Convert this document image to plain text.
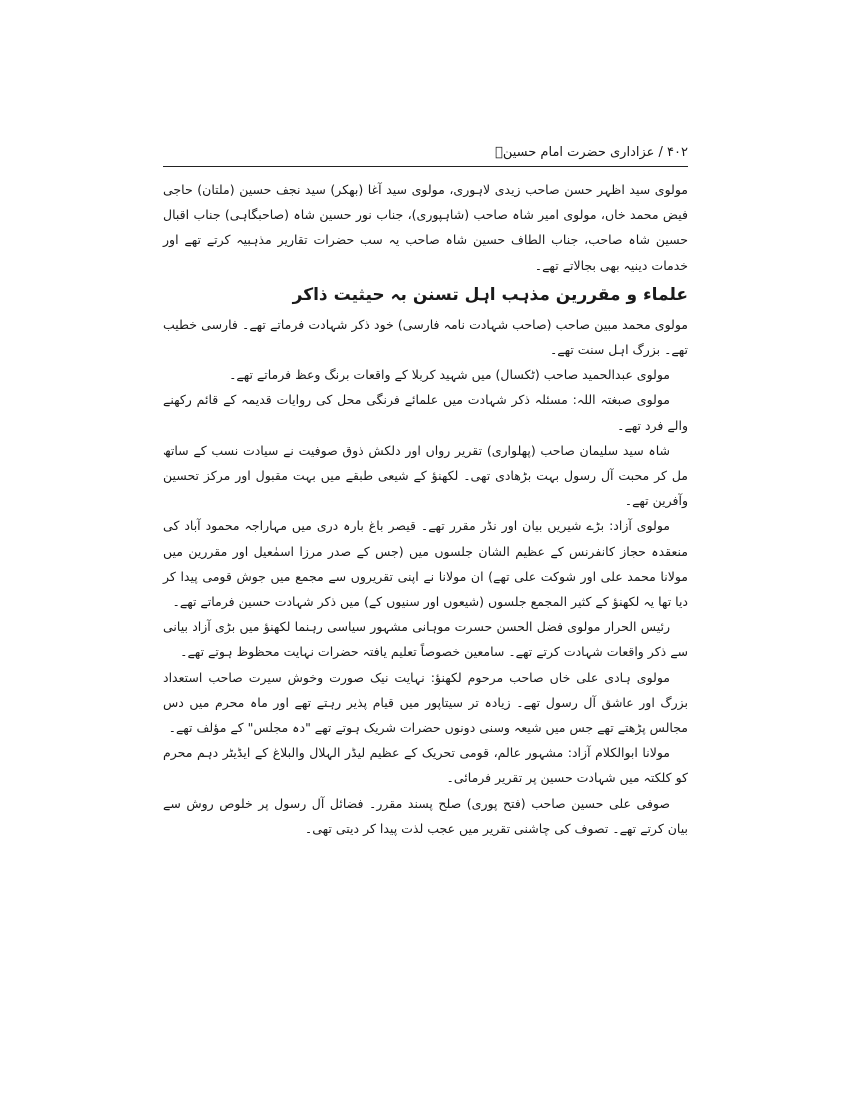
۴۰۲ / عزاداری حضرت امام حسینؑ

مولوی سید اظہر حسن صاحب زیدی لاہوری، مولوی سید آغا (بھکر) سید نجف حسین (ملتان) حاجی فیض محمد خاں، مولوی امیر شاہ صاحب (شاہپوری)، جناب نور حسین شاہ (صاحبگاہی) جناب اقبال حسین شاہ صاحب، جناب الطاف حسین شاہ صاحب یہ سب حضرات تقاریر مذہبیہ کرتے تھے اور خدمات دینیہ بھی بجالاتے تھے۔

علماء و مقررین مذہب اہل تسنن بہ حیثیت ذاکر

مولوی محمد مبین صاحب (صاحب شہادت نامہ فارسی) خود ذکر شہادت فرماتے تھے۔ فارسی خطیب تھے۔ بزرگ اہل سنت تھے۔

مولوی عبدالحمید صاحب (ٹکسال) میں شہید کربلا کے واقعات برنگ وعظ فرماتے تھے۔

مولوی صبغتہ اللہ: مسئلہ ذکر شہادت میں علمائے فرنگی محل کی روایات قدیمہ کے قائم رکھنے والے فرد تھے۔

شاہ سید سلیمان صاحب (پھلواری) تقریر رواں اور دلکش ذوق صوفیت نے سیادت نسب کے ساتھ مل کر محبت آل رسول بہت بڑھادی تھی۔ لکھنؤ کے شیعی طبقے میں بہت مقبول اور مرکز تحسین وآفرین تھے۔

مولوی آزاد: بڑے شیریں بیان اور نڈر مقرر تھے۔ قیصر باغ بارہ دری میں مہاراجہ محمود آباد کی منعقدہ حجاز کانفرنس کے عظیم الشان جلسوں میں (جس کے صدر مرزا اسمٰعیل اور مقررین میں مولانا محمد علی اور شوکت علی تھے) ان مولانا نے اپنی تقریروں سے مجمع میں جوش قومی پیدا کر دیا تھا یہ لکھنؤ کے کثیر المجمع جلسوں (شیعوں اور سنیوں کے) میں ذکر شہادت حسین فرماتے تھے۔

رئیس الحرار مولوی فضل الحسن حسرت موہانی مشہور سیاسی رہنما لکھنؤ میں بڑی آزاد بیانی سے ذکر واقعات شہادت کرتے تھے۔ سامعین خصوصاً تعلیم یافتہ حضرات نہایت محظوظ ہوتے تھے۔

مولوی ہادی علی خاں صاحب مرحوم لکھنؤ: نہایت نیک صورت وخوش سیرت صاحب استعداد بزرگ اور عاشق آل رسول تھے۔ زیادہ تر سیتاپور میں قیام پذیر رہتے تھے اور ماہ محرم میں دس مجالس پڑھتے تھے جس میں شیعہ وسنی دونوں حضرات شریک ہوتے تھے "دہ مجلس" کے مؤلف تھے۔

مولانا ابوالکلام آزاد: مشہور عالم، قومی تحریک کے عظیم لیڈر الہلال والبلاغ کے ایڈیٹر دہم محرم کو کلکتہ میں شہادت حسین پر تقریر فرمائی۔

صوفی علی حسین صاحب (فتح پوری) صلح پسند مقرر۔ فضائل آل رسول پر خلوص روش سے بیان کرتے تھے۔ تصوف کی چاشنی تقریر میں عجب لذت پیدا کر دیتی تھی۔
